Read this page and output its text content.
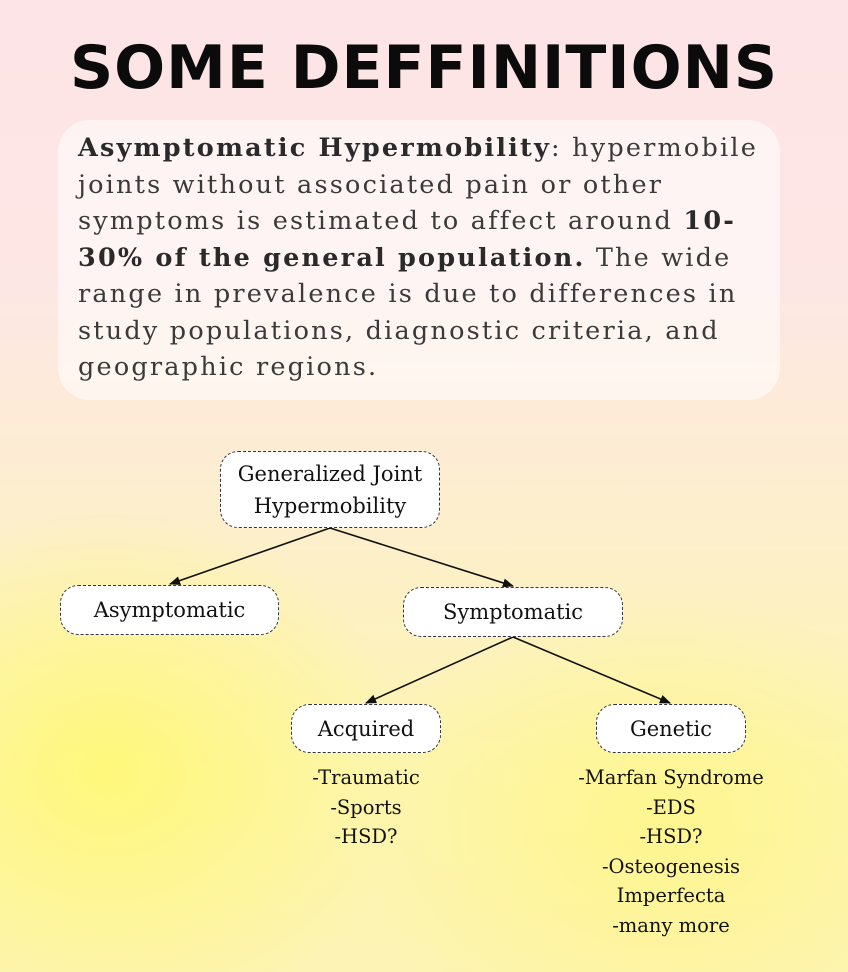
SOME DEFFINITIONS
Asymptomatic Hypermobility: hypermobile joints without associated pain or other symptoms is estimated to affect around 10-30% of the general population. The wide range in prevalence is due to differences in study populations, diagnostic criteria, and geographic regions.
Generalized Joint Hypermobility
Asymptomatic	Symptomatic
Acquired	Genetic
-Traumatic
-Sports
-HSD?
-Marfan Syndrome
-EDS
-HSD?
-Osteogenesis
Imperfecta
-many more
